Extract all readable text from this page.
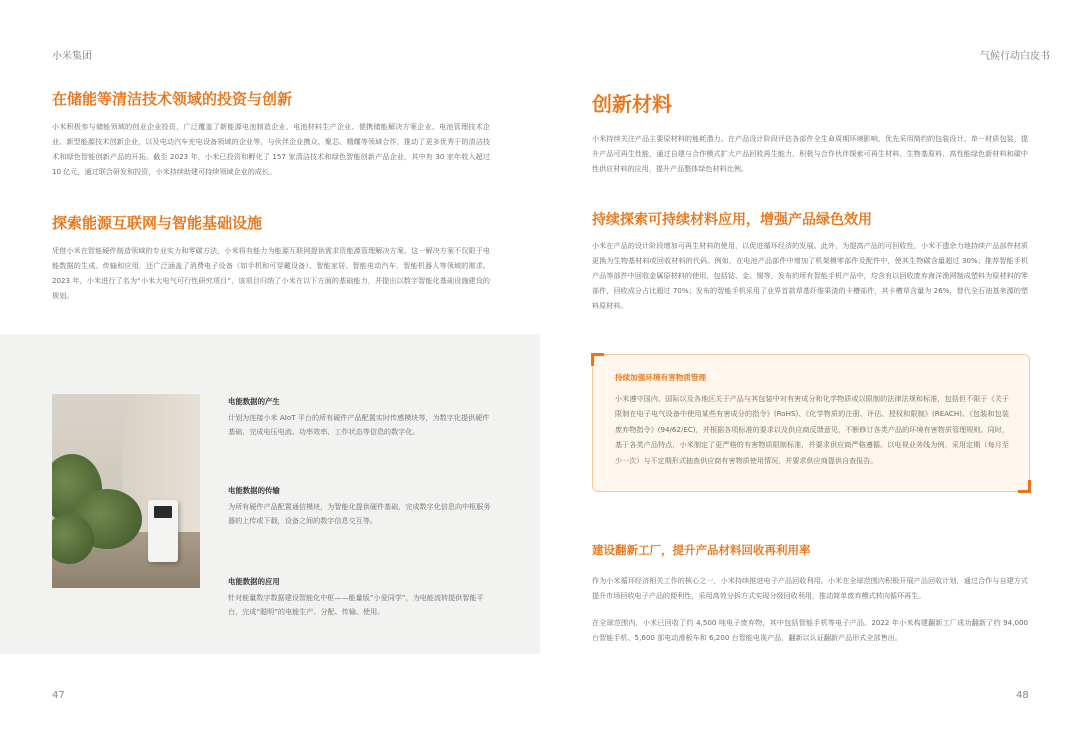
小米集团
在储能等清洁技术领域的投资与创新

小米积极参与储能领域的创业企业投资，广泛覆盖了新能源电池制造企业、电池材料生产企业、便携储能解决方案企业、电池管理技术企业、新型能源技术创新企业，以及电动汽车充电设备领域的企业等，与伙伴企业携众、聚芯、精耀等领域合作，推动了更多优秀于的清洁技术和绿色智能创新产品的开拓。截至 2023 年，小米已投资和孵化了 157 家清洁技术和绿色智能创新产品企业，其中有 30 家年收入超过 10 亿元，通过联合研发和投资，小米持续助建可持续领域企业的成长。

探索能源互联网与智能基础设施

凭借小米在智能硬件制造领域的专业实力和零碳方法，小米将有能力为能源互联网提供需求资能源管理解决方案。这一解决方案不仅限于电能数据的生成、传输和应用，还广泛涵盖了消费电子设备（如手机和可穿戴设备）、智能家居、智能电动汽车、智能机器人等领域的需求。2023 年，小米进行了名为“小米大电气可行性研究项目”，该项目归纳了小米在以下方面的基础能力，并提出以数字智能化基础设施建设的规划。

电能数据的产生
计划为连接小米 AIoT 平台的所有硬件产品配置实时传感模块等，为数字化提供硬件基础，完成电压电流、功率效率、工作状态等信息的数字化。
电能数据的传输
为所有硬件产品配置通信模块，为智能化提供硬件基础，完成数字化信息向中枢服务器的上传或下载，设备之间的数字信息交互等。
电能数据的应用
针对能量数字数据建设智能化中枢——能量版“小爱同学”，为电能流转提供智能平台，完成“聪明”的电能生产、分配、传输、使用。
47
气候行动白皮书
创新材料

小米持续关注产品主要原材料的能耗潜力。在产品设计阶段评估各部件全生命周期环境影响，优先采用简约的包装设计、单一材质包装，提升产品可再生性能，通过自建与合作模式扩大产品回收再生能力，积极与合作伙伴探索可再生材料、生物基原料、高性能绿色新材料和碳中性供应材料的应用，提升产品整体绿色材料比例。

持续探索可持续材料应用，增强产品绿色效用

小米在产品的设计阶段增加可再生材料的使用，以促进循环经济的发展。此外，为提高产品的可回收性，小米不遗余力地持续产品部件材质更换为生物基材料或回收材料的代码。例如，在电池产品部件中增加了机架模零部件及配件中，使其生物碳含量超过 30%；推荐智能手机产品等部件中回收金属原材料的使用，包括钴、金、锡等，发布的所有智能手机产品中，均含有以回收废弃海洋渔网制成塑料为原材料的零部件，回收成分占比超过 70%；发布的智能手机采用了业界首款草基纤维果渣的卡槽部件，其卡槽草含量为 26%，替代全石油基来源的塑料原材料。

持续加强环境有害物质管理

小米遵守国内、国际以及各地区关于产品与其包装中对有害成分和化学物质或以限制的法律法规和标准，包括但不限于《关于限制在电子电气设备中使用某些有害成分的指令》(RoHS)、《化学物质的注册、评估、授权和限制》(REACH)、《包装和包装废弃物指令》(94/62/EC)，并根据各项标准的要求以及供应商反馈意见，不断修订各类产品的环境有害物质管理规则。同时，基于各类产品特点，小米制定了更严格的有害物质限制标准，并要求供应商严格遵循。以电视业务线为例，采用定期（每月至少一次）与不定期形式抽查供应商有害物质使用情况，并要求供应商提供自查报告。

建设翻新工厂，提升产品材料回收再利用率

作为小米循环经济相关工作的核心之一，小米持续推进电子产品回收利用。小米在全球范围内积极开展产品回收计划，通过合作与自建方式提升市场回收电子产品的便利性，采用高效分拆方式实现分级回收利用，推动简单废弃模式转向循环再生。

在全球范围内，小米已回收了约 4,500 吨电子废弃物，其中包括智能手机等电子产品。2022 年小米构建翻新工厂成功翻新了约 94,000 台智能手机、5,600 部电动滑板车和 6,200 台智能电视产品，翻新以认证翻新产品形式全部售出。

48
